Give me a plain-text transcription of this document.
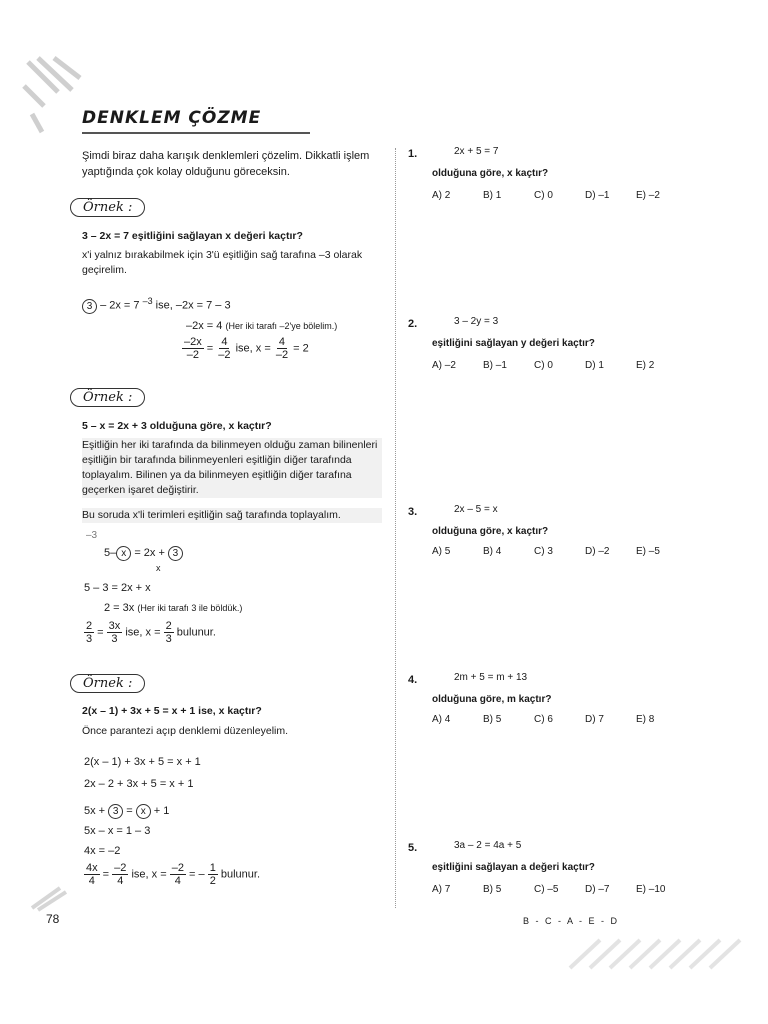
DENKLEM ÇÖZME
Şimdi biraz daha karışık denklemleri çözelim. Dikkatli işlem yaptığında çok kolay olduğunu göreceksin.
Örnek :
3 – 2x = 7 eşitliğini sağlayan x değeri kaçtır?
x'i yalnız bırakabilmek için 3'ü eşitliğin sağ tarafına –3 olarak geçirelim.
3 – 2x = 7 $^{-3}$ ise, –2x = 7 – 3
–2x = 4 (Her iki tarafı –2'ye bölelim.)
$\frac{-2x}{-2} = \frac{4}{-2}$ ise, $x = \frac{4}{-2} = 2$
Örnek :
5 – x = 2x + 3 olduğuna göre, x kaçtır?
Eşitliğin her iki tarafında da bilinmeyen olduğu zaman bilinenleri eşitliğin bir tarafında bilinmeyenleri eşitliğin diğer tarafında toplayalım. Bilinen ya da bilinmeyen eşitliğin diğer tarafına geçerken işaret değiştirir.
Bu soruda x'li terimleri eşitliğin sağ tarafında toplayalım.
–3
5– x = 2x + 3
x
5 – 3 = 2x + x
2 = 3x (Her iki tarafı 3 ile böldük.)
$\frac{2}{3} = \frac{3x}{3}$ ise, $x = \frac{2}{3}$ bulunur.
Örnek :
2(x – 1) + 3x + 5 = x + 1 ise, x kaçtır?
Önce parantezi açıp denklemi düzenleyelim.
2(x – 1) + 3x + 5 = x + 1
2x – 2 + 3x + 5 = x + 1
5x + 3 = x + 1
5x – x = 1 – 3
4x = –2
$\frac{4x}{4} = \frac{-2}{4}$ ise, $x = \frac{-2}{4}$ = – $\frac{1}{2}$ bulunur.
1.	2x + 5 = 7
olduğuna göre, x kaçtır?
A) 2	B) 1	C) 0	D) –1	E) –2
2.	3 – 2y = 3
eşitliğini sağlayan y değeri kaçtır?
A) –2	B) –1	C) 0	D) 1	E) 2
3.	2x – 5 = x
olduğuna göre, x kaçtır?
A) 5	B) 4	C) 3	D) –2	E) –5
4.	2m + 5 = m + 13
olduğuna göre, m kaçtır?
A) 4	B) 5	C) 6	D) 7	E) 8
5.	3a – 2 = 4a + 5
eşitliğini sağlayan a değeri kaçtır?
A) 7	B) 5	C) –5	D) –7	E) –10
78	B - C - A - E - D
